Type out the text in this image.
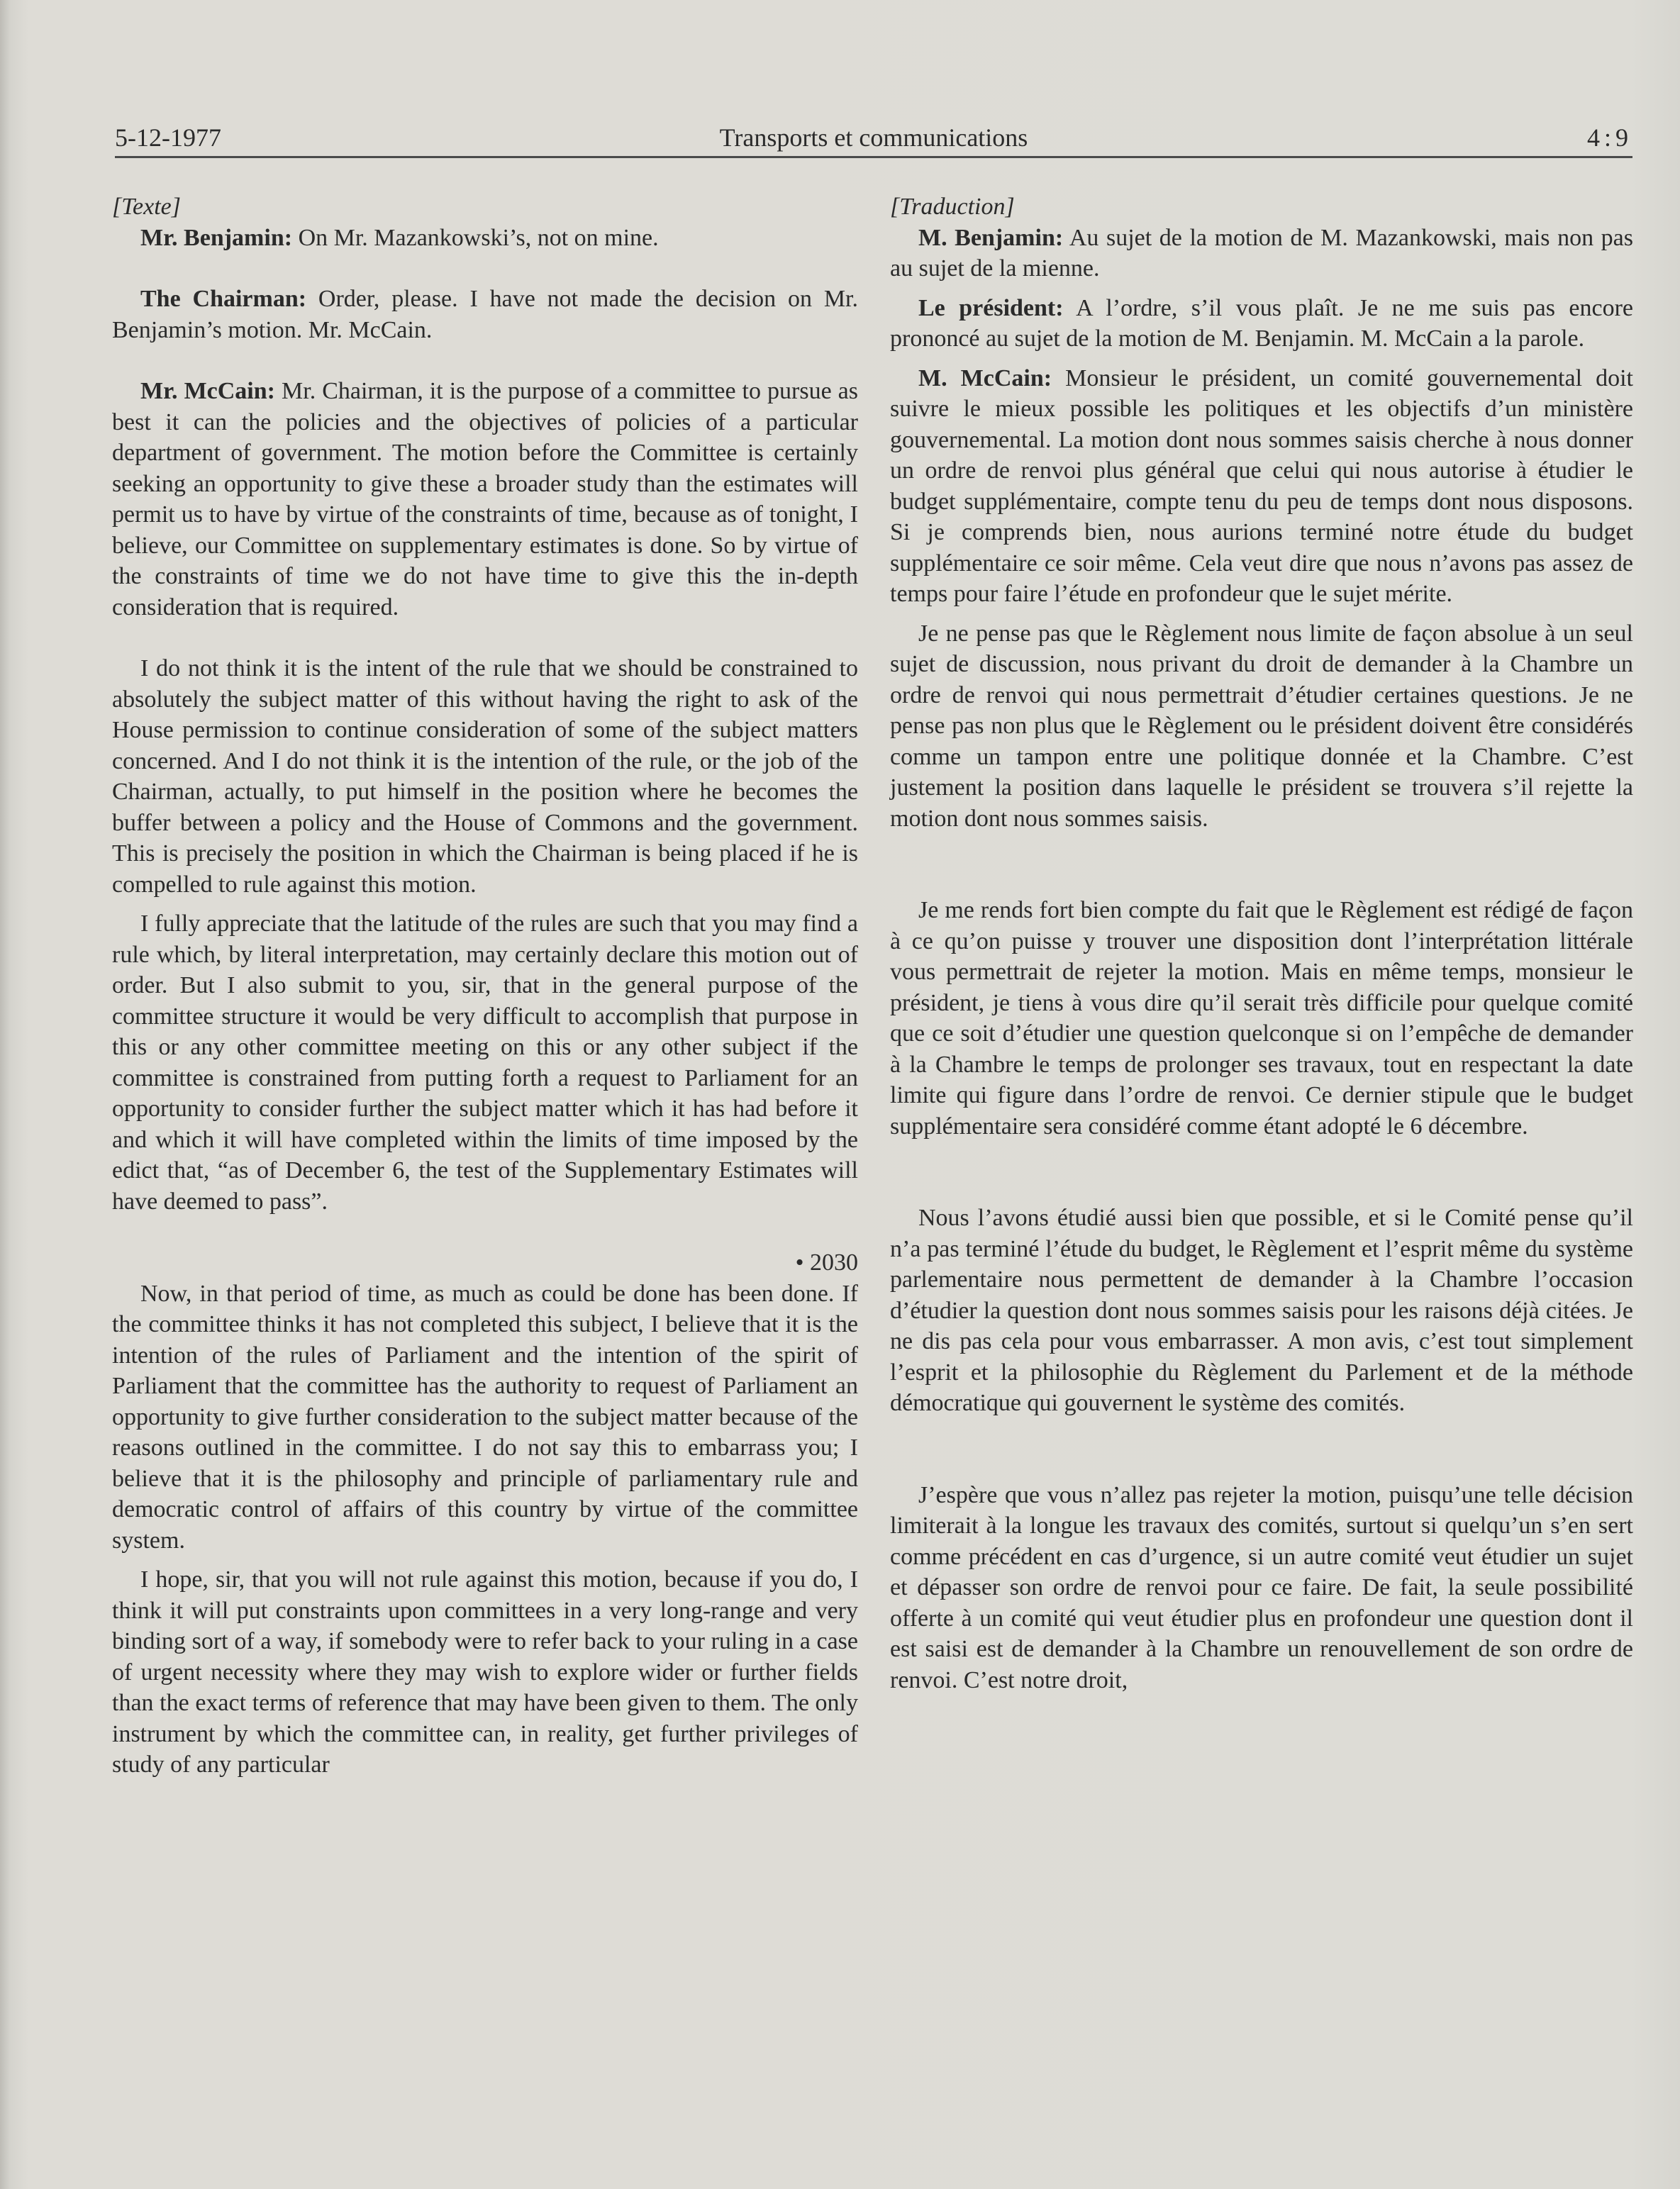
5-12-1977	Transports et communications	4:9

[Texte]

Mr. Benjamin: On Mr. Mazankowski’s, not on mine.

The Chairman: Order, please. I have not made the decision on Mr. Benjamin’s motion. Mr. McCain.

Mr. McCain: Mr. Chairman, it is the purpose of a committee to pursue as best it can the policies and the objectives of policies of a particular department of government. The motion before the Committee is certainly seeking an opportunity to give these a broader study than the estimates will permit us to have by virtue of the constraints of time, because as of tonight, I believe, our Committee on supplementary estimates is done. So by virtue of the constraints of time we do not have time to give this the in-depth consideration that is required.

I do not think it is the intent of the rule that we should be constrained to absolutely the subject matter of this without having the right to ask of the House permission to continue consideration of some of the subject matters concerned. And I do not think it is the intention of the rule, or the job of the Chairman, actually, to put himself in the position where he becomes the buffer between a policy and the House of Commons and the government. This is precisely the position in which the Chairman is being placed if he is compelled to rule against this motion.

I fully appreciate that the latitude of the rules are such that you may find a rule which, by literal interpretation, may certainly declare this motion out of order. But I also submit to you, sir, that in the general purpose of the committee structure it would be very difficult to accomplish that purpose in this or any other committee meeting on this or any other subject if the committee is constrained from putting forth a request to Parliament for an opportunity to consider further the subject matter which it has had before it and which it will have completed within the limits of time imposed by the edict that, “as of December 6, the test of the Supplementary Estimates will have deemed to pass”.

• 2030

Now, in that period of time, as much as could be done has been done. If the committee thinks it has not completed this subject, I believe that it is the intention of the rules of Parliament and the intention of the spirit of Parliament that the committee has the authority to request of Parliament an opportunity to give further consideration to the subject matter because of the reasons outlined in the committee. I do not say this to embarrass you; I believe that it is the philosophy and principle of parliamentary rule and democratic control of affairs of this country by virtue of the committee system.

I hope, sir, that you will not rule against this motion, because if you do, I think it will put constraints upon committees in a very long-range and very binding sort of a way, if somebody were to refer back to your ruling in a case of urgent necessity where they may wish to explore wider or further fields than the exact terms of reference that may have been given to them. The only instrument by which the committee can, in reality, get further privileges of study of any particular

[Traduction]

M. Benjamin: Au sujet de la motion de M. Mazankowski, mais non pas au sujet de la mienne.

Le président: A l’ordre, s’il vous plaît. Je ne me suis pas encore prononcé au sujet de la motion de M. Benjamin. M. McCain a la parole.

M. McCain: Monsieur le président, un comité gouvernemental doit suivre le mieux possible les politiques et les objectifs d’un ministère gouvernemental. La motion dont nous sommes saisis cherche à nous donner un ordre de renvoi plus général que celui qui nous autorise à étudier le budget supplémentaire, compte tenu du peu de temps dont nous disposons. Si je comprends bien, nous aurions terminé notre étude du budget supplémentaire ce soir même. Cela veut dire que nous n’avons pas assez de temps pour faire l’étude en profondeur que le sujet mérite.

Je ne pense pas que le Règlement nous limite de façon absolue à un seul sujet de discussion, nous privant du droit de demander à la Chambre un ordre de renvoi qui nous permettrait d’étudier certaines questions. Je ne pense pas non plus que le Règlement ou le président doivent être considérés comme un tampon entre une politique donnée et la Chambre. C’est justement la position dans laquelle le président se trouvera s’il rejette la motion dont nous sommes saisis.

Je me rends fort bien compte du fait que le Règlement est rédigé de façon à ce qu’on puisse y trouver une disposition dont l’interprétation littérale vous permettrait de rejeter la motion. Mais en même temps, monsieur le président, je tiens à vous dire qu’il serait très difficile pour quelque comité que ce soit d’étudier une question quelconque si on l’empêche de demander à la Chambre le temps de prolonger ses travaux, tout en respectant la date limite qui figure dans l’ordre de renvoi. Ce dernier stipule que le budget supplémentaire sera considéré comme étant adopté le 6 décembre.

Nous l’avons étudié aussi bien que possible, et si le Comité pense qu’il n’a pas terminé l’étude du budget, le Règlement et l’esprit même du système parlementaire nous permettent de demander à la Chambre l’occasion d’étudier la question dont nous sommes saisis pour les raisons déjà citées. Je ne dis pas cela pour vous embarrasser. A mon avis, c’est tout simplement l’esprit et la philosophie du Règlement du Parlement et de la méthode démocratique qui gouvernent le système des comités.

J’espère que vous n’allez pas rejeter la motion, puisqu’une telle décision limiterait à la longue les travaux des comités, surtout si quelqu’un s’en sert comme précédent en cas d’urgence, si un autre comité veut étudier un sujet et dépasser son ordre de renvoi pour ce faire. De fait, la seule possibilité offerte à un comité qui veut étudier plus en profondeur une question dont il est saisi est de demander à la Chambre un renouvellement de son ordre de renvoi. C’est notre droit,
